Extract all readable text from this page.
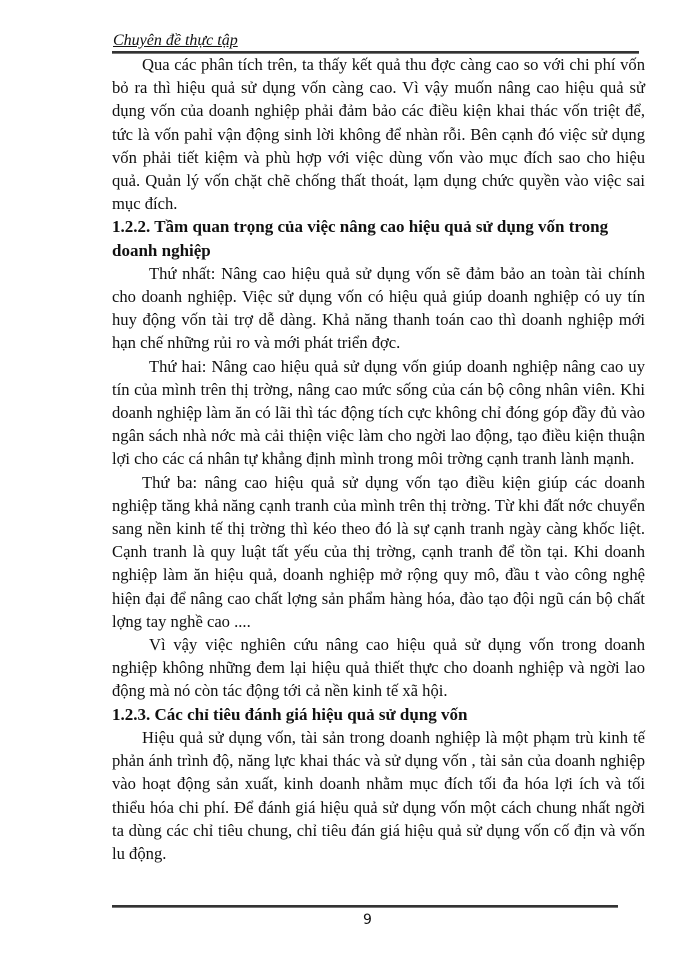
Chuyên đề thực tập

Qua các phân tích trên, ta thấy kết quả thu đợc càng cao so với chi phí vốn bỏ ra thì hiệu quả sử dụng vốn càng cao. Vì vậy muốn nâng cao hiệu quả sử dụng vốn của doanh nghiệp phải đảm bảo các điều kiện khai thác vốn triệt để, tức là vốn pahỉ vận động sinh lời không để nhàn rỗi. Bên cạnh đó việc sử dụng vốn phải tiết kiệm và phù hợp với việc dùng vốn vào mục đích sao cho hiệu quả. Quản lý vốn chặt chẽ chống thất thoát, lạm dụng chức quyền vào việc sai mục đích.

1.2.2. Tầm quan trọng của việc nâng cao hiệu quả sử dụng vốn trong doanh nghiệp

Thứ nhất: Nâng cao hiệu quả sử dụng vốn sẽ đảm bảo an toàn tài chính cho doanh nghiệp. Việc sử dụng vốn có hiệu quả giúp doanh nghiệp có uy tín huy động vốn tài trợ dễ dàng. Khả năng thanh toán cao thì doanh nghiệp mới hạn chế những rủi ro và mới phát triển đợc.

Thứ hai: Nâng cao hiệu quả sử dụng vốn giúp doanh nghiệp nâng cao uy tín của mình trên thị trờng, nâng cao mức sống của cán bộ công nhân viên. Khi doanh nghiệp làm ăn có lãi thì tác động tích cực không chỉ đóng góp đầy đủ vào ngân sách nhà nớc mà cải thiện việc làm cho ngời lao động, tạo điều kiện thuận lợi cho các cá nhân tự khẳng định mình trong môi trờng cạnh tranh lành mạnh.

Thứ ba: nâng cao hiệu quả sử dụng vốn tạo điều kiện giúp các doanh nghiệp tăng khả năng cạnh tranh của mình trên thị trờng. Từ khi đất nớc chuyển sang nền kinh tế thị trờng thì kéo theo đó là sự cạnh tranh ngày càng khốc liệt. Cạnh tranh là quy luật tất yếu của thị trờng, cạnh tranh để tồn tại. Khi doanh nghiệp làm ăn hiệu quả, doanh nghiệp mở rộng quy mô, đầu t vào công nghệ hiện đại để nâng cao chất lợng sản phẩm hàng hóa, đào tạo đội ngũ cán bộ chất lợng tay nghề cao ....

Vì vậy việc nghiên cứu nâng cao hiệu quả sử dụng vốn trong doanh nghiệp không những đem lại hiệu quả thiết thực cho doanh nghiệp và ngời lao động mà nó còn tác động tới cả nền kinh tế xã hội.

1.2.3. Các chỉ tiêu đánh giá hiệu quả sử dụng vốn

Hiệu quả sử dụng vốn, tài sản trong doanh nghiệp là một phạm trù kinh tế phản ánh trình độ, năng lực khai thác và sử dụng vốn , tài sản của doanh nghiệp vào hoạt động sản xuất, kinh doanh nhằm mục đích tối đa hóa lợi ích và tối thiểu hóa chi phí. Để đánh giá hiệu quả sử dụng vốn một cách chung nhất ngời ta dùng các chỉ tiêu chung, chỉ tiêu đán giá hiệu quả sử dụng vốn cố địn và vốn lu động.

9
